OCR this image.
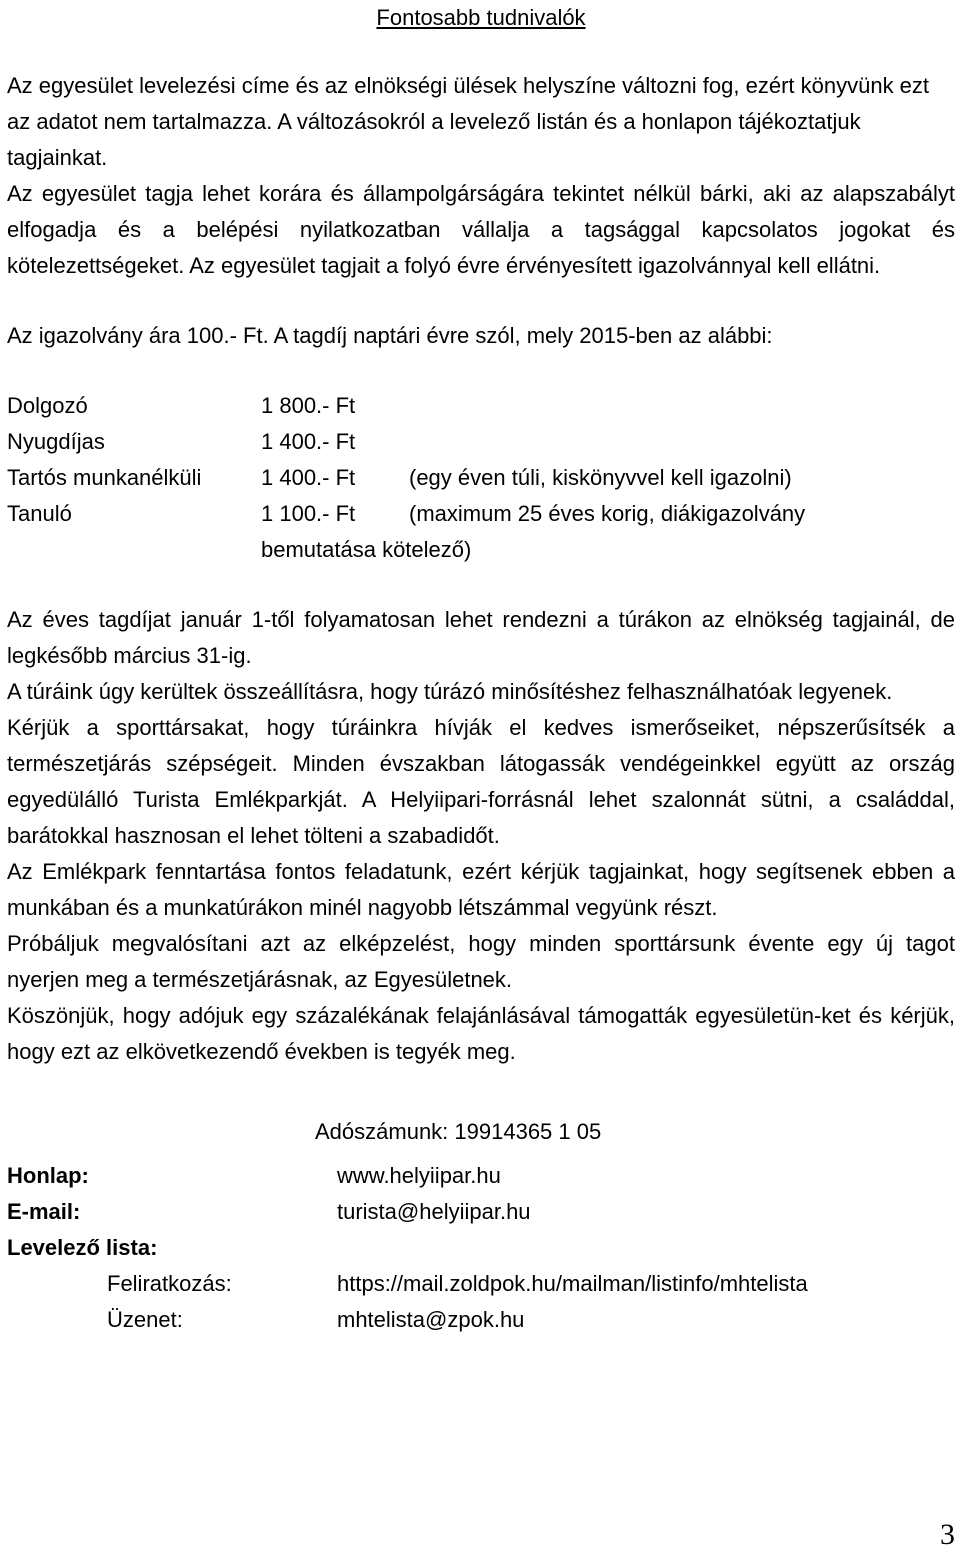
Fontosabb tudnivalók

Az egyesület levelezési címe és az elnökségi ülések helyszíne változni fog, ezért könyvünk ezt az adatot nem tartalmazza. A változásokról a levelező listán és a honlapon tájékoztatjuk tagjainkat.

Az egyesület tagja lehet korára és állampolgárságára tekintet nélkül bárki, aki az alapszabályt elfogadja és a belépési nyilatkozatban vállalja a tagsággal kapcsolatos jogokat és kötelezettségeket. Az egyesület tagjait a folyó évre érvényesített igazolvánnyal kell ellátni.

Az igazolvány ára 100.- Ft. A tagdíj naptári évre szól, mely 2015-ben az alábbi:

Dolgozó	1 800.- Ft	
Nyugdíjas	1 400.- Ft	
Tartós munkanélküli	1 400.- Ft	(egy éven túli, kiskönyvvel kell igazolni)
Tanuló	1 100.- Ft	(maximum 25 éves korig, diákigazolvány
	bemutatása kötelező)	

Az éves tagdíjat január 1-től folyamatosan lehet rendezni a túrákon az elnökség tagjainál, de legkésőbb március 31-ig.

A túráink úgy kerültek összeállításra, hogy túrázó minősítéshez felhasználhatóak legyenek.

Kérjük a sporttársakat, hogy túráinkra hívják el kedves ismerőseiket, népszerűsítsék a természetjárás szépségeit. Minden évszakban látogassák vendégeinkkel együtt az ország egyedülálló Turista Emlékparkját. A Helyiipari-forrásnál lehet szalonnát sütni, a családdal, barátokkal hasznosan el lehet tölteni a szabadidőt.

Az Emlékpark fenntartása fontos feladatunk, ezért kérjük tagjainkat, hogy segítsenek ebben a munkában és a munkatúrákon minél nagyobb létszámmal vegyünk részt.

Próbáljuk megvalósítani azt az elképzelést, hogy minden sporttársunk évente egy új tagot nyerjen meg a természetjárásnak, az Egyesületnek.

Köszönjük, hogy adójuk egy százalékának felajánlásával támogatták egyesületün-ket és kérjük, hogy ezt az elkövetkezendő években is tegyék meg.

Adószámunk: 19914365 1 05
Honlap:	www.helyiipar.hu
E-mail:	turista@helyiipar.hu
Levelező lista:	
Feliratkozás:	https://mail.zoldpok.hu/mailman/listinfo/mhtelista
Üzenet:	mhtelista@zpok.hu
3
